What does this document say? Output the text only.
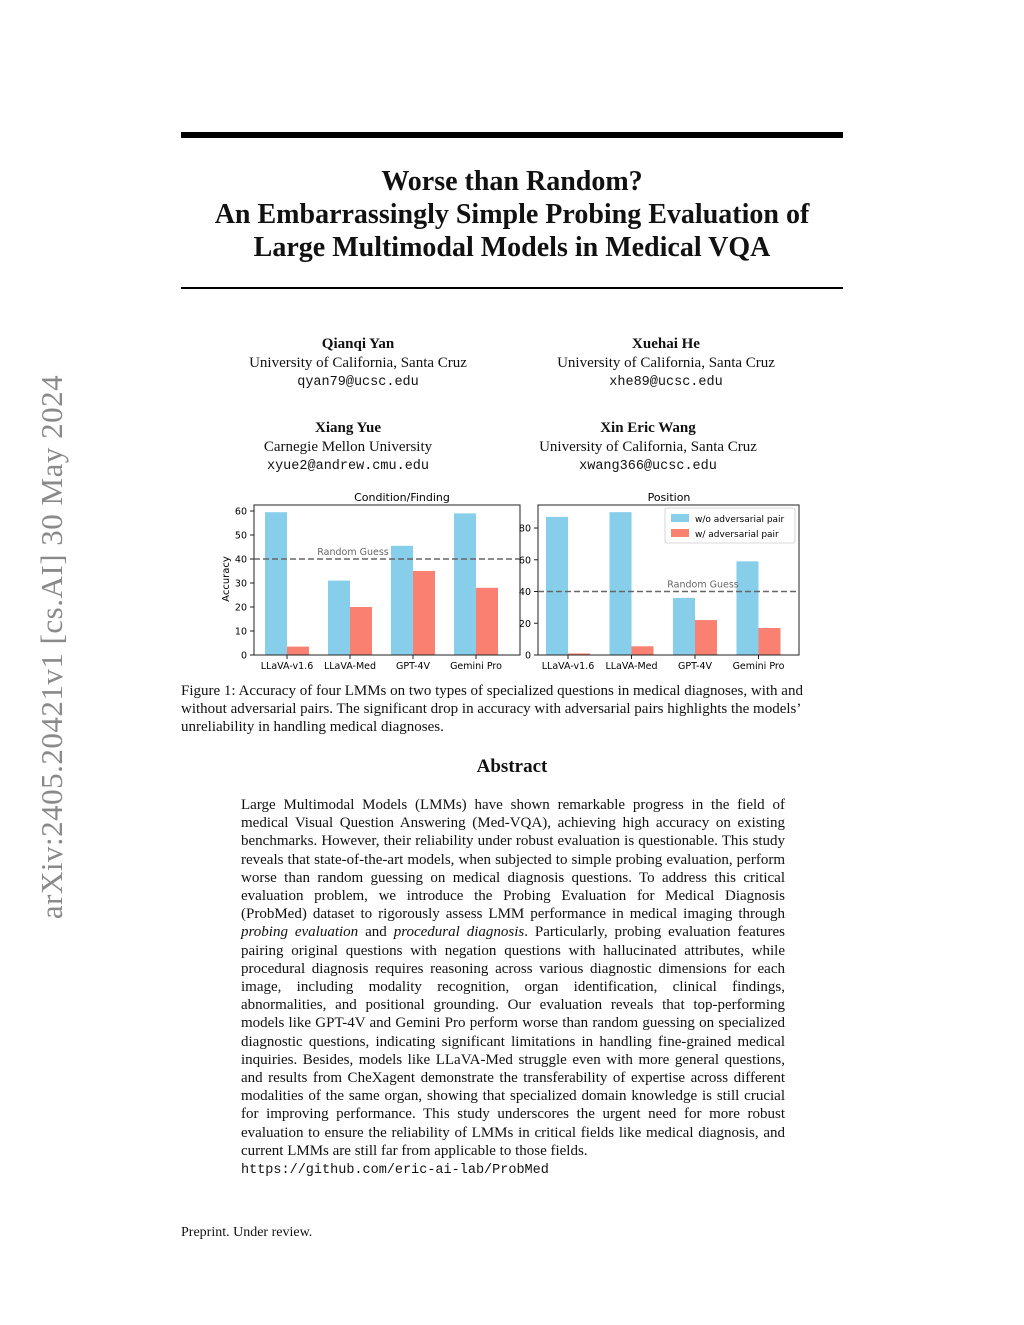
arXiv:2405.20421v1 [cs.AI] 30 May 2024
Worse than Random?
An Embarrassingly Simple Probing Evaluation of
Large Multimodal Models in Medical VQA
Qianqi Yan
University of California, Santa Cruz
qyan79@ucsc.edu
Xuehai He
University of California, Santa Cruz
xhe89@ucsc.edu
Xiang Yue
Carnegie Mellon University
xyue2@andrew.cmu.edu
Xin Eric Wang
University of California, Santa Cruz
xwang366@ucsc.edu
Condition/Finding
Accuracy
Random Guess
0
10
20
30
40
50
60
LLaVA-v1.6 LLaVA-Med GPT-4V Gemini Pro
Position
Random Guess
0
20
40
60
80
LLaVA-v1.6 LLaVA-Med GPT-4V Gemini Pro
w/o adversarial pair
w/ adversarial pair
Figure 1: Accuracy of four LMMs on two types of specialized questions in medical diagnoses, with and without adversarial pairs. The significant drop in accuracy with adversarial pairs highlights the models’ unreliability in handling medical diagnoses.
Abstract
Large Multimodal Models (LMMs) have shown remarkable progress in the field of medical Visual Question Answering (Med-VQA), achieving high accuracy on existing benchmarks. However, their reliability under robust evaluation is questionable. This study reveals that state-of-the-art models, when subjected to simple probing evaluation, perform worse than random guessing on medical diagnosis questions. To address this critical evaluation problem, we introduce the Probing Evaluation for Medical Diagnosis (ProbMed) dataset to rigorously assess LMM performance in medical imaging through probing evaluation and procedural diagnosis. Particularly, probing evaluation features pairing original questions with negation questions with hallucinated attributes, while procedural diagnosis requires reasoning across various diagnostic dimensions for each image, including modality recognition, organ identification, clinical findings, abnormalities, and positional grounding. Our evaluation reveals that top-performing models like GPT-4V and Gemini Pro perform worse than random guessing on specialized diagnostic questions, indicating significant limitations in handling fine-grained medical inquiries. Besides, models like LLaVA-Med struggle even with more general questions, and results from CheXagent demonstrate the transferability of expertise across different modalities of the same organ, showing that specialized domain knowledge is still crucial for improving performance. This study underscores the urgent need for more robust evaluation to ensure the reliability of LMMs in critical fields like medical diagnosis, and current LMMs are still far from applicable to those fields.
https://github.com/eric-ai-lab/ProbMed
Preprint. Under review.
